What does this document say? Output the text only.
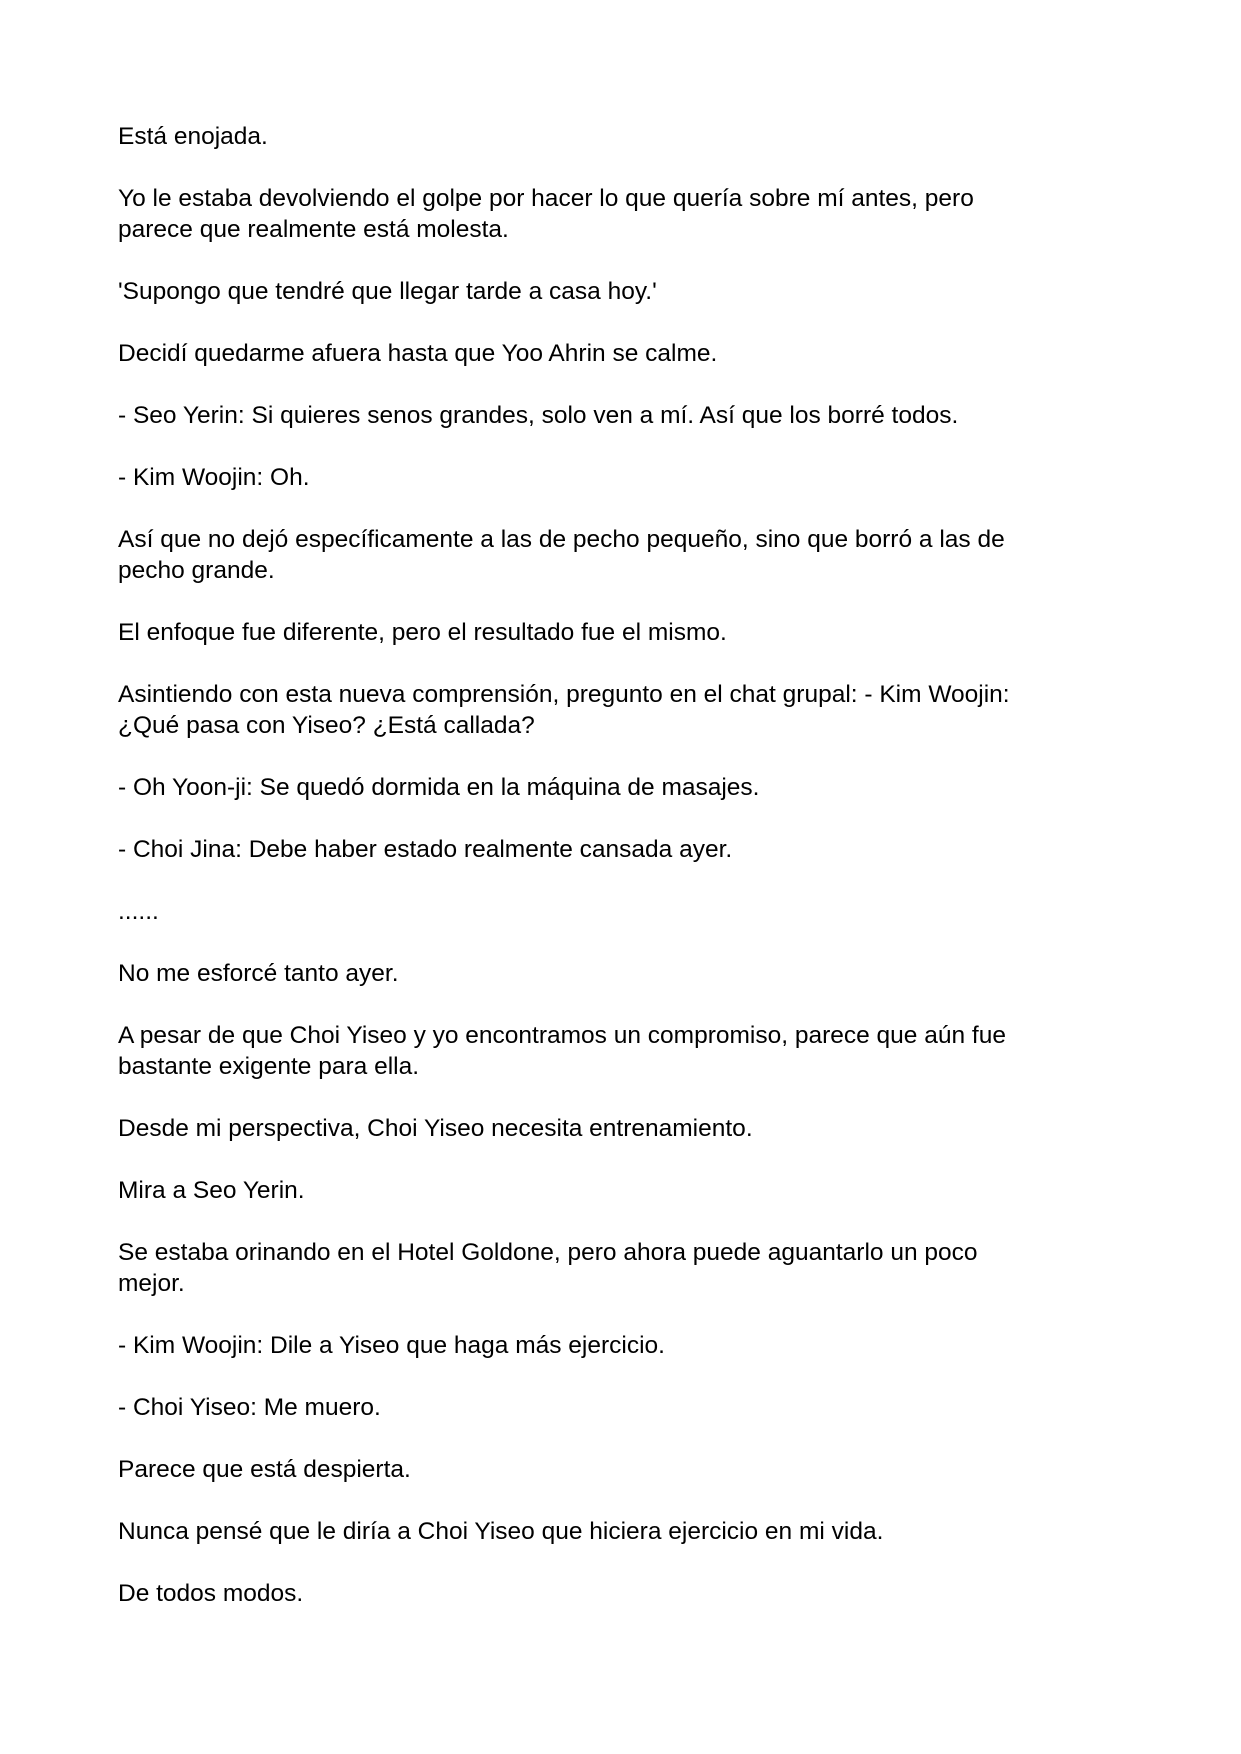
Está enojada.

Yo le estaba devolviendo el golpe por hacer lo que quería sobre mí antes, pero
parece que realmente está molesta.

'Supongo que tendré que llegar tarde a casa hoy.'

Decidí quedarme afuera hasta que Yoo Ahrin se calme.

- Seo Yerin: Si quieres senos grandes, solo ven a mí. Así que los borré todos.

- Kim Woojin: Oh.

Así que no dejó específicamente a las de pecho pequeño, sino que borró a las de
pecho grande.

El enfoque fue diferente, pero el resultado fue el mismo.

Asintiendo con esta nueva comprensión, pregunto en el chat grupal: - Kim Woojin:
¿Qué pasa con Yiseo? ¿Está callada?

- Oh Yoon-ji: Se quedó dormida en la máquina de masajes.

- Choi Jina: Debe haber estado realmente cansada ayer.

......

No me esforcé tanto ayer.

A pesar de que Choi Yiseo y yo encontramos un compromiso, parece que aún fue
bastante exigente para ella.

Desde mi perspectiva, Choi Yiseo necesita entrenamiento.

Mira a Seo Yerin.

Se estaba orinando en el Hotel Goldone, pero ahora puede aguantarlo un poco
mejor.

- Kim Woojin: Dile a Yiseo que haga más ejercicio.

- Choi Yiseo: Me muero.

Parece que está despierta.

Nunca pensé que le diría a Choi Yiseo que hiciera ejercicio en mi vida.

De todos modos.
